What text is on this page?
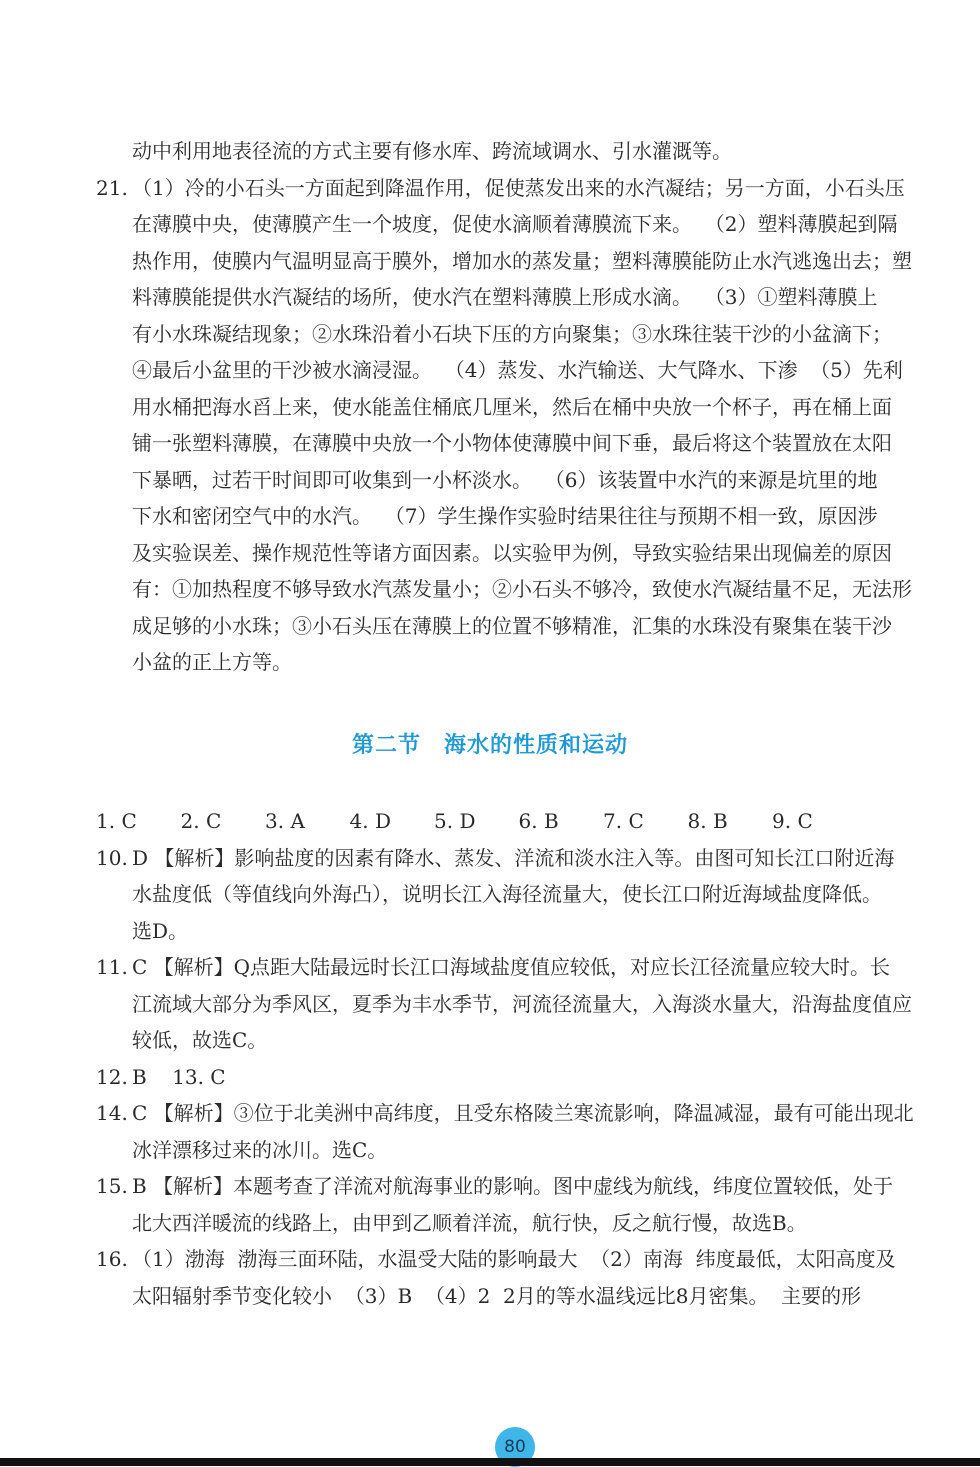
动中利用地表径流的方式主要有修水库、跨流域调水、引水灌溉等。
21. （1）冷的小石头一方面起到降温作用，促使蒸发出来的水汽凝结；另一方面，小石头压
在薄膜中央，使薄膜产生一个坡度，促使水滴顺着薄膜流下来。  （2）塑料薄膜起到隔
热作用，使膜内气温明显高于膜外，增加水的蒸发量；塑料薄膜能防止水汽逃逸出去；塑
料薄膜能提供水汽凝结的场所，使水汽在塑料薄膜上形成水滴。  （3）①塑料薄膜上
有小水珠凝结现象；②水珠沿着小石块下压的方向聚集；③水珠往装干沙的小盆滴下；
④最后小盆里的干沙被水滴浸湿。  （4）蒸发、水汽输送、大气降水、下渗  （5）先利
用水桶把海水舀上来，使水能盖住桶底几厘米，然后在桶中央放一个杯子，再在桶上面
铺一张塑料薄膜，在薄膜中央放一个小物体使薄膜中间下垂，最后将这个装置放在太阳
下暴晒，过若干时间即可收集到一小杯淡水。  （6）该装置中水汽的来源是坑里的地
下水和密闭空气中的水汽。  （7）学生操作实验时结果往往与预期不相一致，原因涉
及实验误差、操作规范性等诸方面因素。以实验甲为例，导致实验结果出现偏差的原因
有：①加热程度不够导致水汽蒸发量小；②小石头不够冷，致使水汽凝结量不足，无法形
成足够的小水珠；③小石头压在薄膜上的位置不够精准，汇集的水珠没有聚集在装干沙
小盆的正上方等。
第二节　海水的性质和运动
1. C	2. C	3. A	4. D	5. D	6. B	7. C	8. B	9. C
10. D 【解析】影响盐度的因素有降水、蒸发、洋流和淡水注入等。由图可知长江口附近海
水盐度低（等值线向外海凸），说明长江入海径流量大，使长江口附近海域盐度降低。
选D。
11. C 【解析】Q点距大陆最远时长江口海域盐度值应较低，对应长江径流量应较大时。长
江流域大部分为季风区，夏季为丰水季节，河流径流量大，入海淡水量大，沿海盐度值应
较低，故选C。
12. B    13. C
14. C 【解析】③位于北美洲中高纬度，且受东格陵兰寒流影响，降温减湿，最有可能出现北
冰洋漂移过来的冰川。选C。
15. B 【解析】本题考查了洋流对航海事业的影响。图中虚线为航线，纬度位置较低，处于
北大西洋暖流的线路上，由甲到乙顺着洋流，航行快，反之航行慢，故选B。
16. （1）渤海  渤海三面环陆，水温受大陆的影响最大  （2）南海  纬度最低，太阳高度及
太阳辐射季节变化较小  （3）B  （4）2  2月的等水温线远比8月密集。  主要的形
80
